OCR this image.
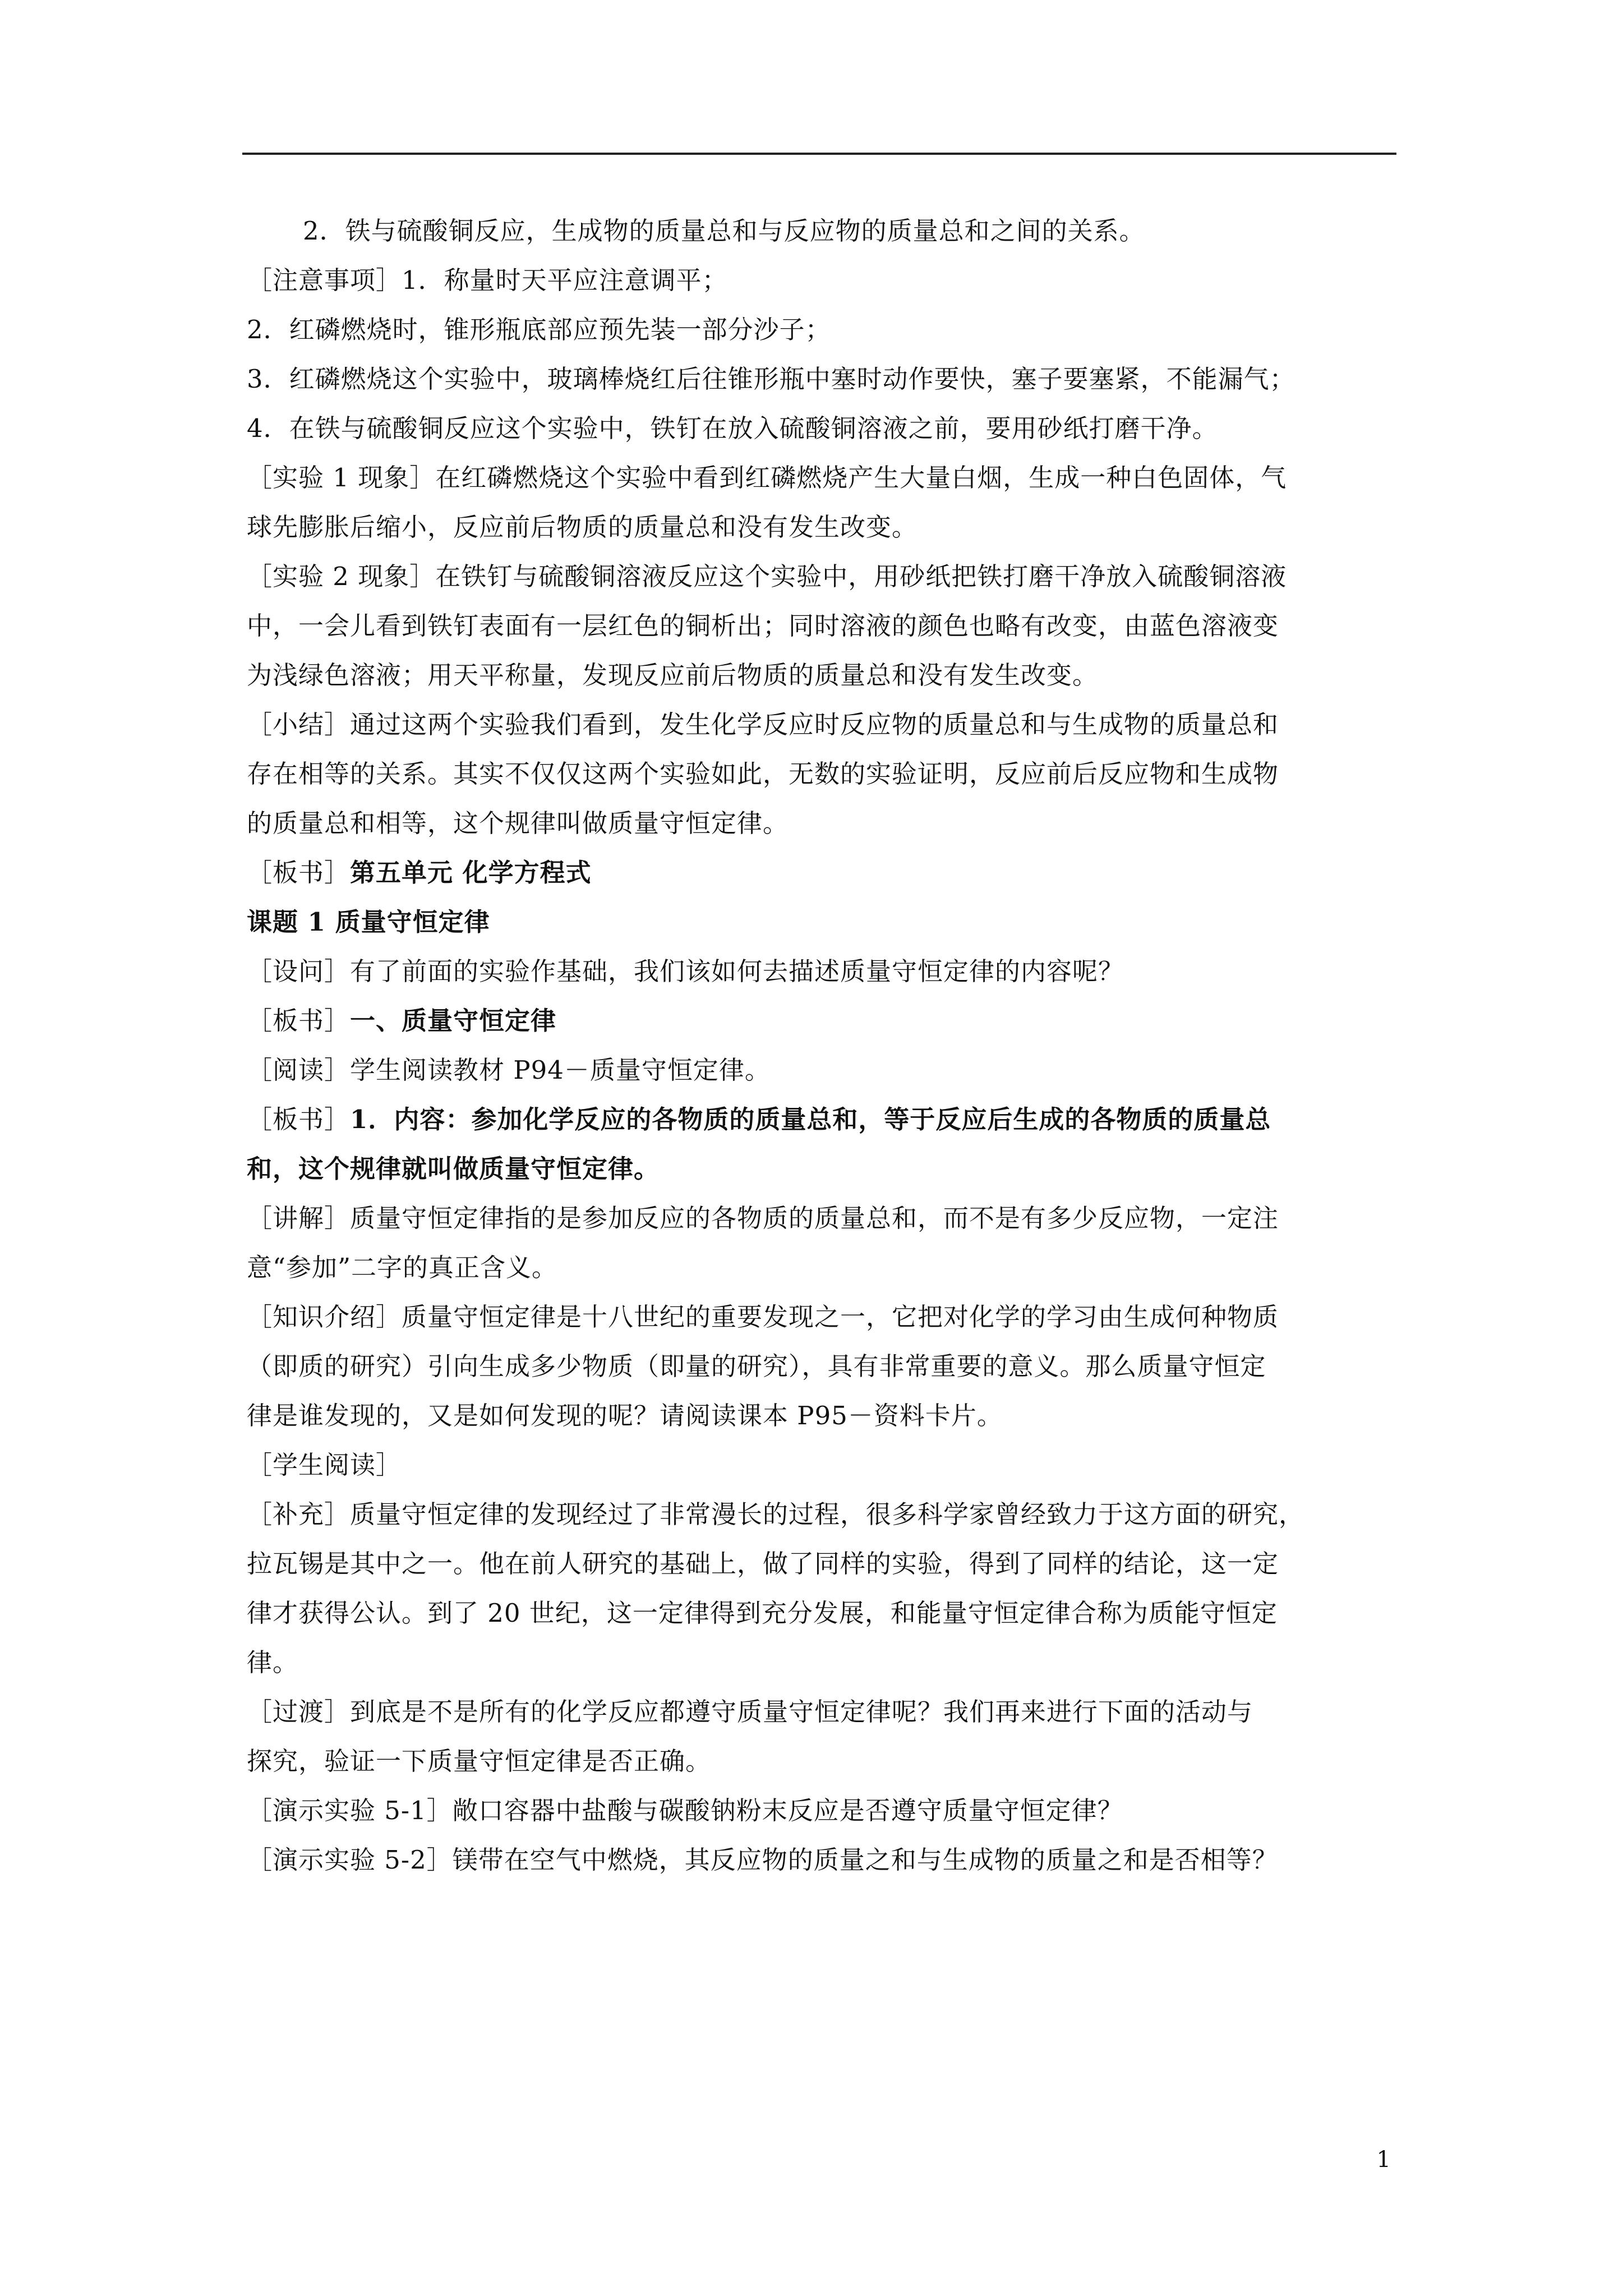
2．铁与硫酸铜反应，生成物的质量总和与反应物的质量总和之间的关系。
［注意事项］1．称量时天平应注意调平；
2．红磷燃烧时，锥形瓶底部应预先装一部分沙子；
3．红磷燃烧这个实验中，玻璃棒烧红后往锥形瓶中塞时动作要快，塞子要塞紧，不能漏气；
4．在铁与硫酸铜反应这个实验中，铁钉在放入硫酸铜溶液之前，要用砂纸打磨干净。
［实验 1 现象］在红磷燃烧这个实验中看到红磷燃烧产生大量白烟，生成一种白色固体，气
球先膨胀后缩小，反应前后物质的质量总和没有发生改变。
［实验 2 现象］在铁钉与硫酸铜溶液反应这个实验中，用砂纸把铁打磨干净放入硫酸铜溶液
中，一会儿看到铁钉表面有一层红色的铜析出；同时溶液的颜色也略有改变，由蓝色溶液变
为浅绿色溶液；用天平称量，发现反应前后物质的质量总和没有发生改变。
［小结］通过这两个实验我们看到，发生化学反应时反应物的质量总和与生成物的质量总和
存在相等的关系。其实不仅仅这两个实验如此，无数的实验证明，反应前后反应物和生成物
的质量总和相等，这个规律叫做质量守恒定律。
［板书］第五单元 化学方程式
课题 1 质量守恒定律
［设问］有了前面的实验作基础，我们该如何去描述质量守恒定律的内容呢？
［板书］一、质量守恒定律
［阅读］学生阅读教材 P94－质量守恒定律。
［板书］1．内容：参加化学反应的各物质的质量总和，等于反应后生成的各物质的质量总
和，这个规律就叫做质量守恒定律。
［讲解］质量守恒定律指的是参加反应的各物质的质量总和，而不是有多少反应物，一定注
意“参加”二字的真正含义。
［知识介绍］质量守恒定律是十八世纪的重要发现之一，它把对化学的学习由生成何种物质
（即质的研究）引向生成多少物质（即量的研究），具有非常重要的意义。那么质量守恒定
律是谁发现的，又是如何发现的呢？请阅读课本 P95－资料卡片。
［学生阅读］
［补充］质量守恒定律的发现经过了非常漫长的过程，很多科学家曾经致力于这方面的研究，
拉瓦锡是其中之一。他在前人研究的基础上，做了同样的实验，得到了同样的结论，这一定
律才获得公认。到了 20 世纪，这一定律得到充分发展，和能量守恒定律合称为质能守恒定
律。
［过渡］到底是不是所有的化学反应都遵守质量守恒定律呢？我们再来进行下面的活动与
探究，验证一下质量守恒定律是否正确。
［演示实验 5-1］敞口容器中盐酸与碳酸钠粉末反应是否遵守质量守恒定律？
［演示实验 5-2］镁带在空气中燃烧，其反应物的质量之和与生成物的质量之和是否相等？
1
